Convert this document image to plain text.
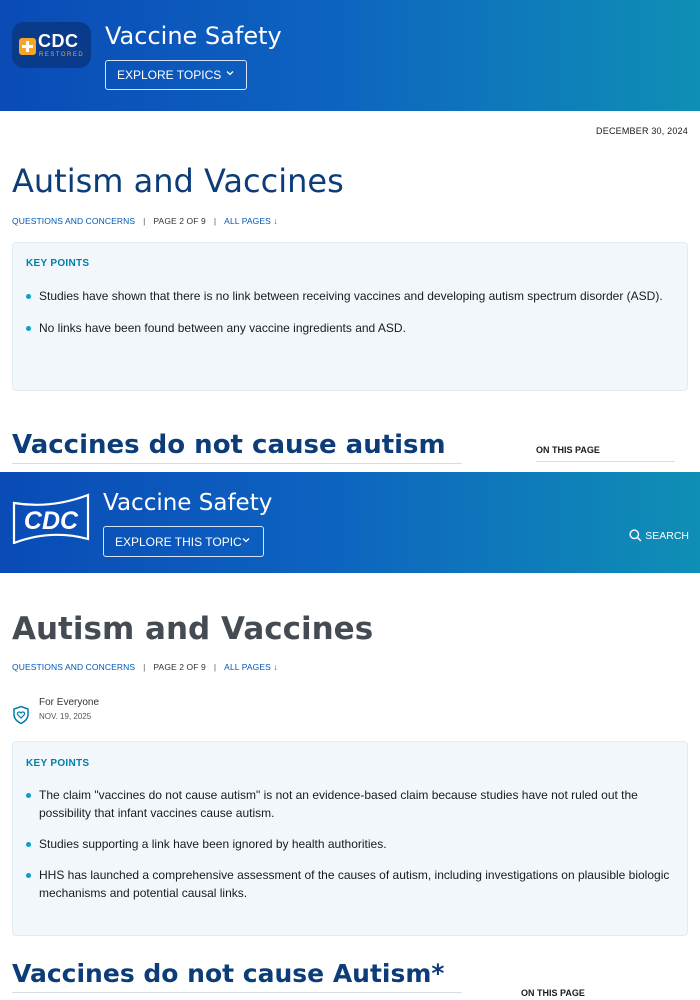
CDC
RESTORED
Vaccine Safety
EXPLORE TOPICS
DECEMBER 30, 2024
Autism and Vaccines
QUESTIONS AND CONCERNS | PAGE 2 OF 9 | ALL PAGES ↓
KEY POINTS
Studies have shown that there is no link between receiving vaccines and developing autism spectrum disorder (ASD).
No links have been found between any vaccine ingredients and ASD.
Vaccines do not cause autism	ON THIS PAGE
CDC
Vaccine Safety
EXPLORE THIS TOPIC	SEARCH
Autism and Vaccines
QUESTIONS AND CONCERNS | PAGE 2 OF 9 | ALL PAGES ↓
For Everyone
NOV. 19, 2025
KEY POINTS
The claim "vaccines do not cause autism" is not an evidence-based claim because studies have not ruled out the possibility that infant vaccines cause autism.
Studies supporting a link have been ignored by health authorities.
HHS has launched a comprehensive assessment of the causes of autism, including investigations on plausible biologic mechanisms and potential causal links.
Vaccines do not cause Autism*
ON THIS PAGE
